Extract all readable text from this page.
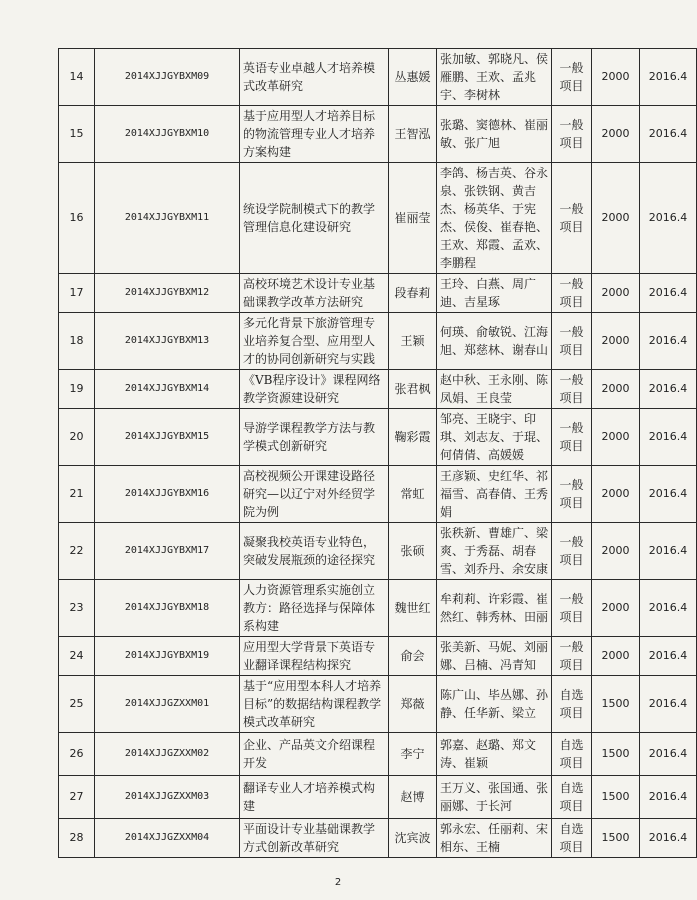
14	2014XJJGYBXM09	英语专业卓越人才培养模式改革研究	丛惠媛	张加敏、郭晓凡、侯雁鹏、王欢、孟兆宇、李树林	一般项目	2000	2016.4
15	2014XJJGYBXM10	基于应用型人才培养目标的物流管理专业人才培养方案构建	王智泓	张璐、窦德林、崔丽敏、张广旭	一般项目	2000	2016.4
16	2014XJJGYBXM11	统设学院制模式下的教学管理信息化建设研究	崔丽莹	李鸽、杨吉英、谷永泉、张铁钢、黄吉杰、杨英华、于宪杰、侯俊、崔春艳、王欢、郑霞、孟欢、李鹏程	一般项目	2000	2016.4
17	2014XJJGYBXM12	高校环境艺术设计专业基础课教学改革方法研究	段春莉	王玲、白燕、周广迪、吉星琢	一般项目	2000	2016.4
18	2014XJJGYBXM13	多元化背景下旅游管理专业培养复合型、应用型人才的协同创新研究与实践	王颖	何瑛、俞敏锐、江海旭、郑慈林、谢春山	一般项目	2000	2016.4
19	2014XJJGYBXM14	《VB程序设计》课程网络教学资源建设研究	张君枫	赵中秋、王永刚、陈凤娟、王良莹	一般项目	2000	2016.4
20	2014XJJGYBXM15	导游学课程教学方法与教学模式创新研究	鞠彩霞	邹亮、王晓宇、印琪、刘志友、于琨、何倩倩、高媛媛	一般项目	2000	2016.4
21	2014XJJGYBXM16	高校视频公开课建设路径研究—以辽宁对外经贸学院为例	常虹	王彦颖、史红华、祁福雪、高春倩、王秀娟	一般项目	2000	2016.4
22	2014XJJGYBXM17	凝聚我校英语专业特色，突破发展瓶颈的途径探究	张硕	张秩新、曹雄广、梁爽、于秀磊、胡春雪、刘乔丹、余安康	一般项目	2000	2016.4
23	2014XJJGYBXM18	人力资源管理系实施创立教方：路径选择与保障体系构建	魏世红	牟莉莉、许彩霞、崔然红、韩秀林、田丽	一般项目	2000	2016.4
24	2014XJJGYBXM19	应用型大学背景下英语专业翻译课程结构探究	俞会	张美新、马妮、刘丽娜、吕楠、冯青知	一般项目	2000	2016.4
25	2014XJJGZXXM01	基于“应用型本科人才培养目标”的数据结构课程教学模式改革研究	郑薇	陈广山、毕丛娜、孙静、任华新、梁立	自选项目	1500	2016.4
26	2014XJJGZXXM02	企业、产品英文介绍课程开发	李宁	郭嘉、赵璐、郑文涛、崔颖	自选项目	1500	2016.4
27	2014XJJGZXXM03	翻译专业人才培养模式构建	赵博	王万义、张国通、张丽娜、于长河	自选项目	1500	2016.4
28	2014XJJGZXXM04	平面设计专业基础课教学方式创新改革研究	沈宾波	郭永宏、任丽莉、宋相东、王楠	自选项目	1500	2016.4
2
